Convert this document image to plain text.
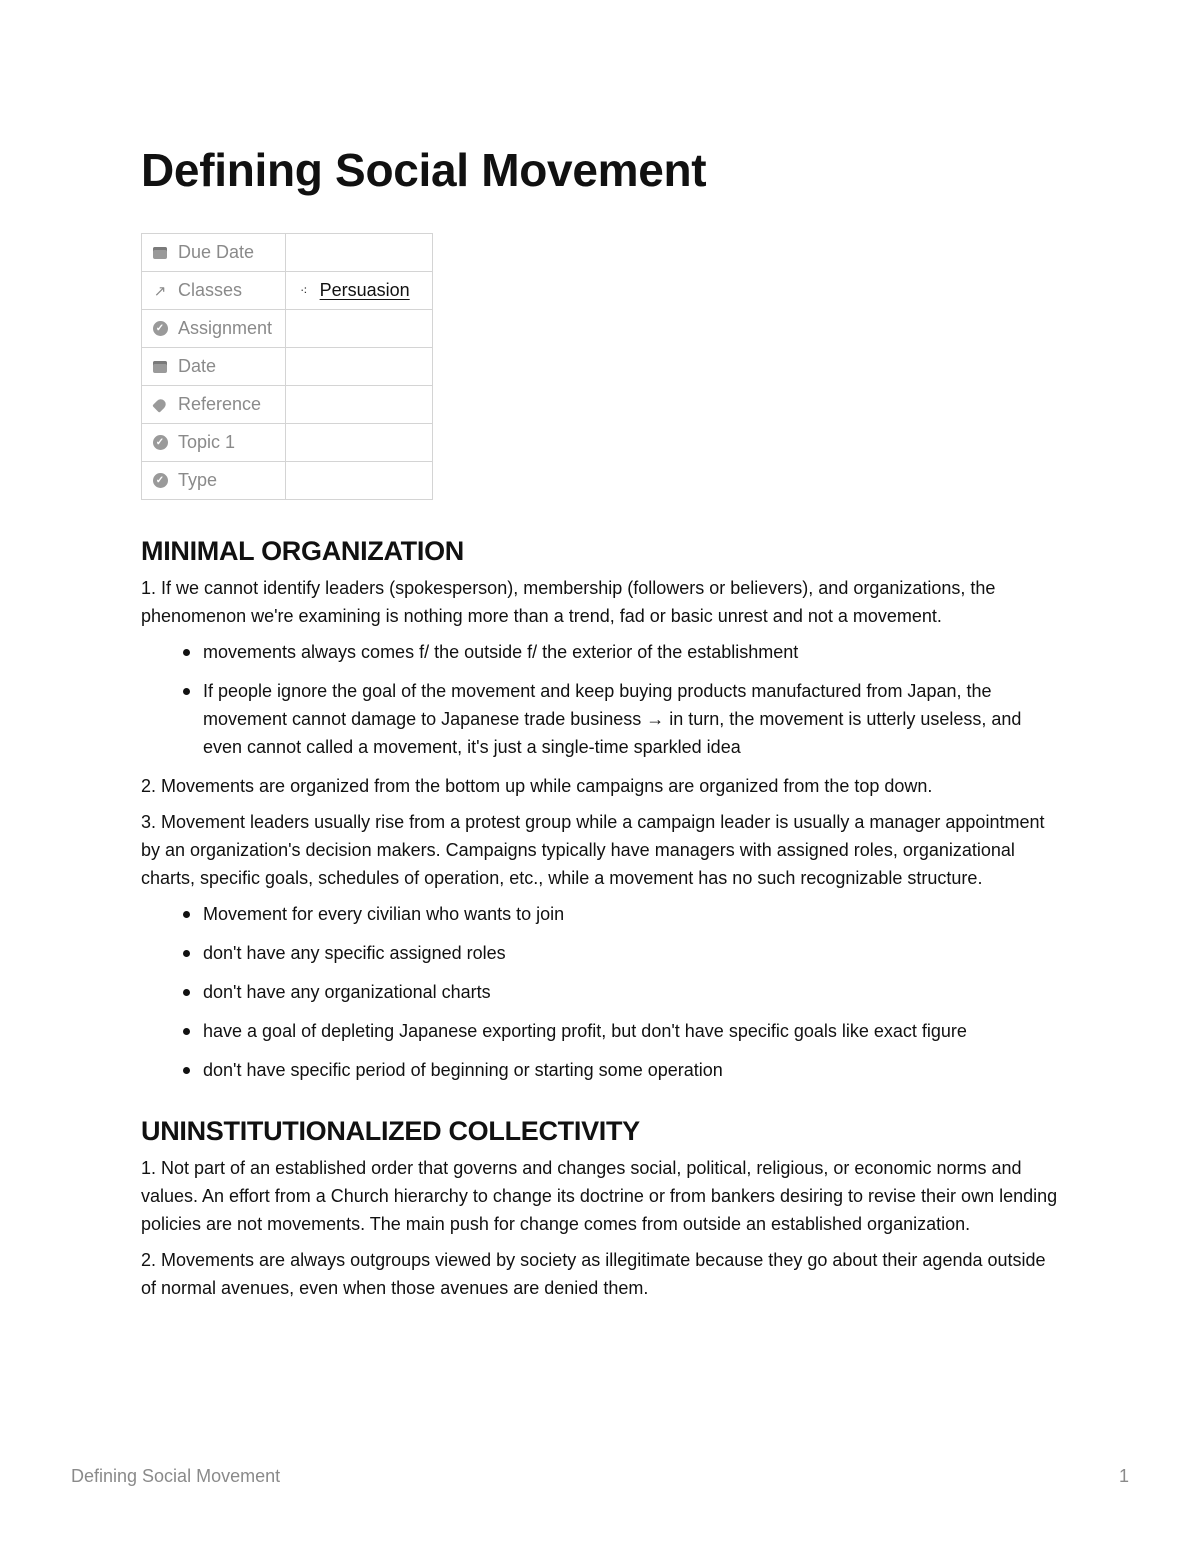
Defining Social Movement
Due Date	

↗ Classes	⁖ Persuasion

✓
Assignment

Date	

Reference	

✓
Topic 1

✓
Type

MINIMAL ORGANIZATION

1. If we cannot identify leaders (spokesperson), membership (followers or believers), and organizations, the phenomenon we're examining is nothing more than a trend, fad or basic unrest and not a movement.

movements always comes f/ the outside f/ the exterior of the establishment
If people ignore the goal of the movement and keep buying products manufactured from Japan, the movement cannot damage to Japanese trade business → in turn, the movement is utterly useless, and even cannot called a movement, it's just a single-time sparkled idea

2. Movements are organized from the bottom up while campaigns are organized from the top down.

3. Movement leaders usually rise from a protest group while a campaign leader is usually a manager appointment by an organization's decision makers. Campaigns typically have managers with assigned roles, organizational charts, specific goals, schedules of operation, etc., while a movement has no such recognizable structure.

Movement for every civilian who wants to join
don't have any specific assigned roles
don't have any organizational charts
have a goal of depleting Japanese exporting profit, but don't have specific goals like exact figure
don't have specific period of beginning or starting some operation
UNINSTITUTIONALIZED COLLECTIVITY

1. Not part of an established order that governs and changes social, political, religious, or economic norms and values. An effort from a Church hierarchy to change its doctrine or from bankers desiring to revise their own lending policies are not movements. The main push for change comes from outside an established organization.

2. Movements are always outgroups viewed by society as illegitimate because they go about their agenda outside of normal avenues, even when those avenues are denied them.

Defining Social Movement	1
